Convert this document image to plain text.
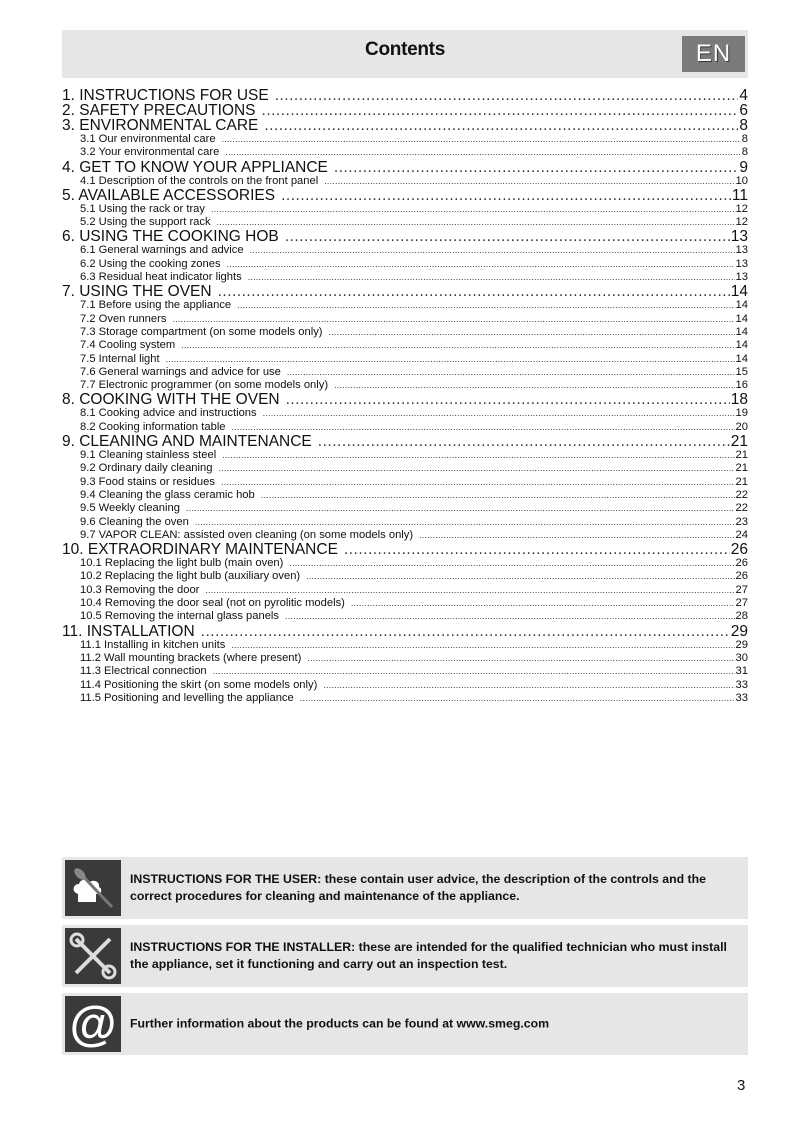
Contents	EN
1. INSTRUCTIONS FOR USE .....	4
2. SAFETY PRECAUTIONS .....	6
3. ENVIRONMENTAL CARE .....	8
3.1 Our environmental care .....	8
3.2 Your environmental care .....	8
4. GET TO KNOW YOUR APPLIANCE .....	9
4.1 Description of the controls on the front panel .....	10
5. AVAILABLE ACCESSORIES .....	11
5.1 Using the rack or tray .....	12
5.2 Using the support rack .....	12
6. USING THE COOKING HOB .....	13
6.1 General warnings and advice .....	13
6.2 Using the cooking zones .....	13
6.3 Residual heat indicator lights .....	13
7. USING THE OVEN .....	14
7.1 Before using the appliance .....	14
7.2 Oven runners .....	14
7.3 Storage compartment (on some models only) .....	14
7.4 Cooling system .....	14
7.5 Internal light .....	14
7.6 General warnings and advice for use .....	15
7.7 Electronic programmer (on some models only) .....	16
8. COOKING WITH THE OVEN .....	18
8.1 Cooking advice and instructions .....	19
8.2 Cooking information table .....	20
9. CLEANING AND MAINTENANCE .....	21
9.1 Cleaning stainless steel .....	21
9.2 Ordinary daily cleaning .....	21
9.3 Food stains or residues .....	21
9.4 Cleaning the glass ceramic hob .....	22
9.5 Weekly cleaning .....	22
9.6 Cleaning the oven .....	23
9.7 VAPOR CLEAN: assisted oven cleaning (on some models only) .....	24
10. EXTRAORDINARY MAINTENANCE .....	26
10.1 Replacing the light bulb (main oven) .....	26
10.2 Replacing the light bulb (auxiliary oven) .....	26
10.3 Removing the door .....	27
10.4 Removing the door seal (not on pyrolitic models) .....	27
10.5 Removing the internal glass panels .....	28
11. INSTALLATION .....	29
11.1 Installing in kitchen units .....	29
11.2 Wall mounting brackets (where present) .....	30
11.3 Electrical connection .....	31
11.4 Positioning the skirt (on some models only) .....	33
11.5 Positioning and levelling the appliance .....	33
INSTRUCTIONS FOR THE USER: these contain user advice, the description of the controls and the correct procedures for cleaning and maintenance of the appliance.
INSTRUCTIONS FOR THE INSTALLER: these are intended for the qualified technician who must install the appliance, set it functioning and carry out an inspection test.
@	Further information about the products can be found at www.smeg.com
3
